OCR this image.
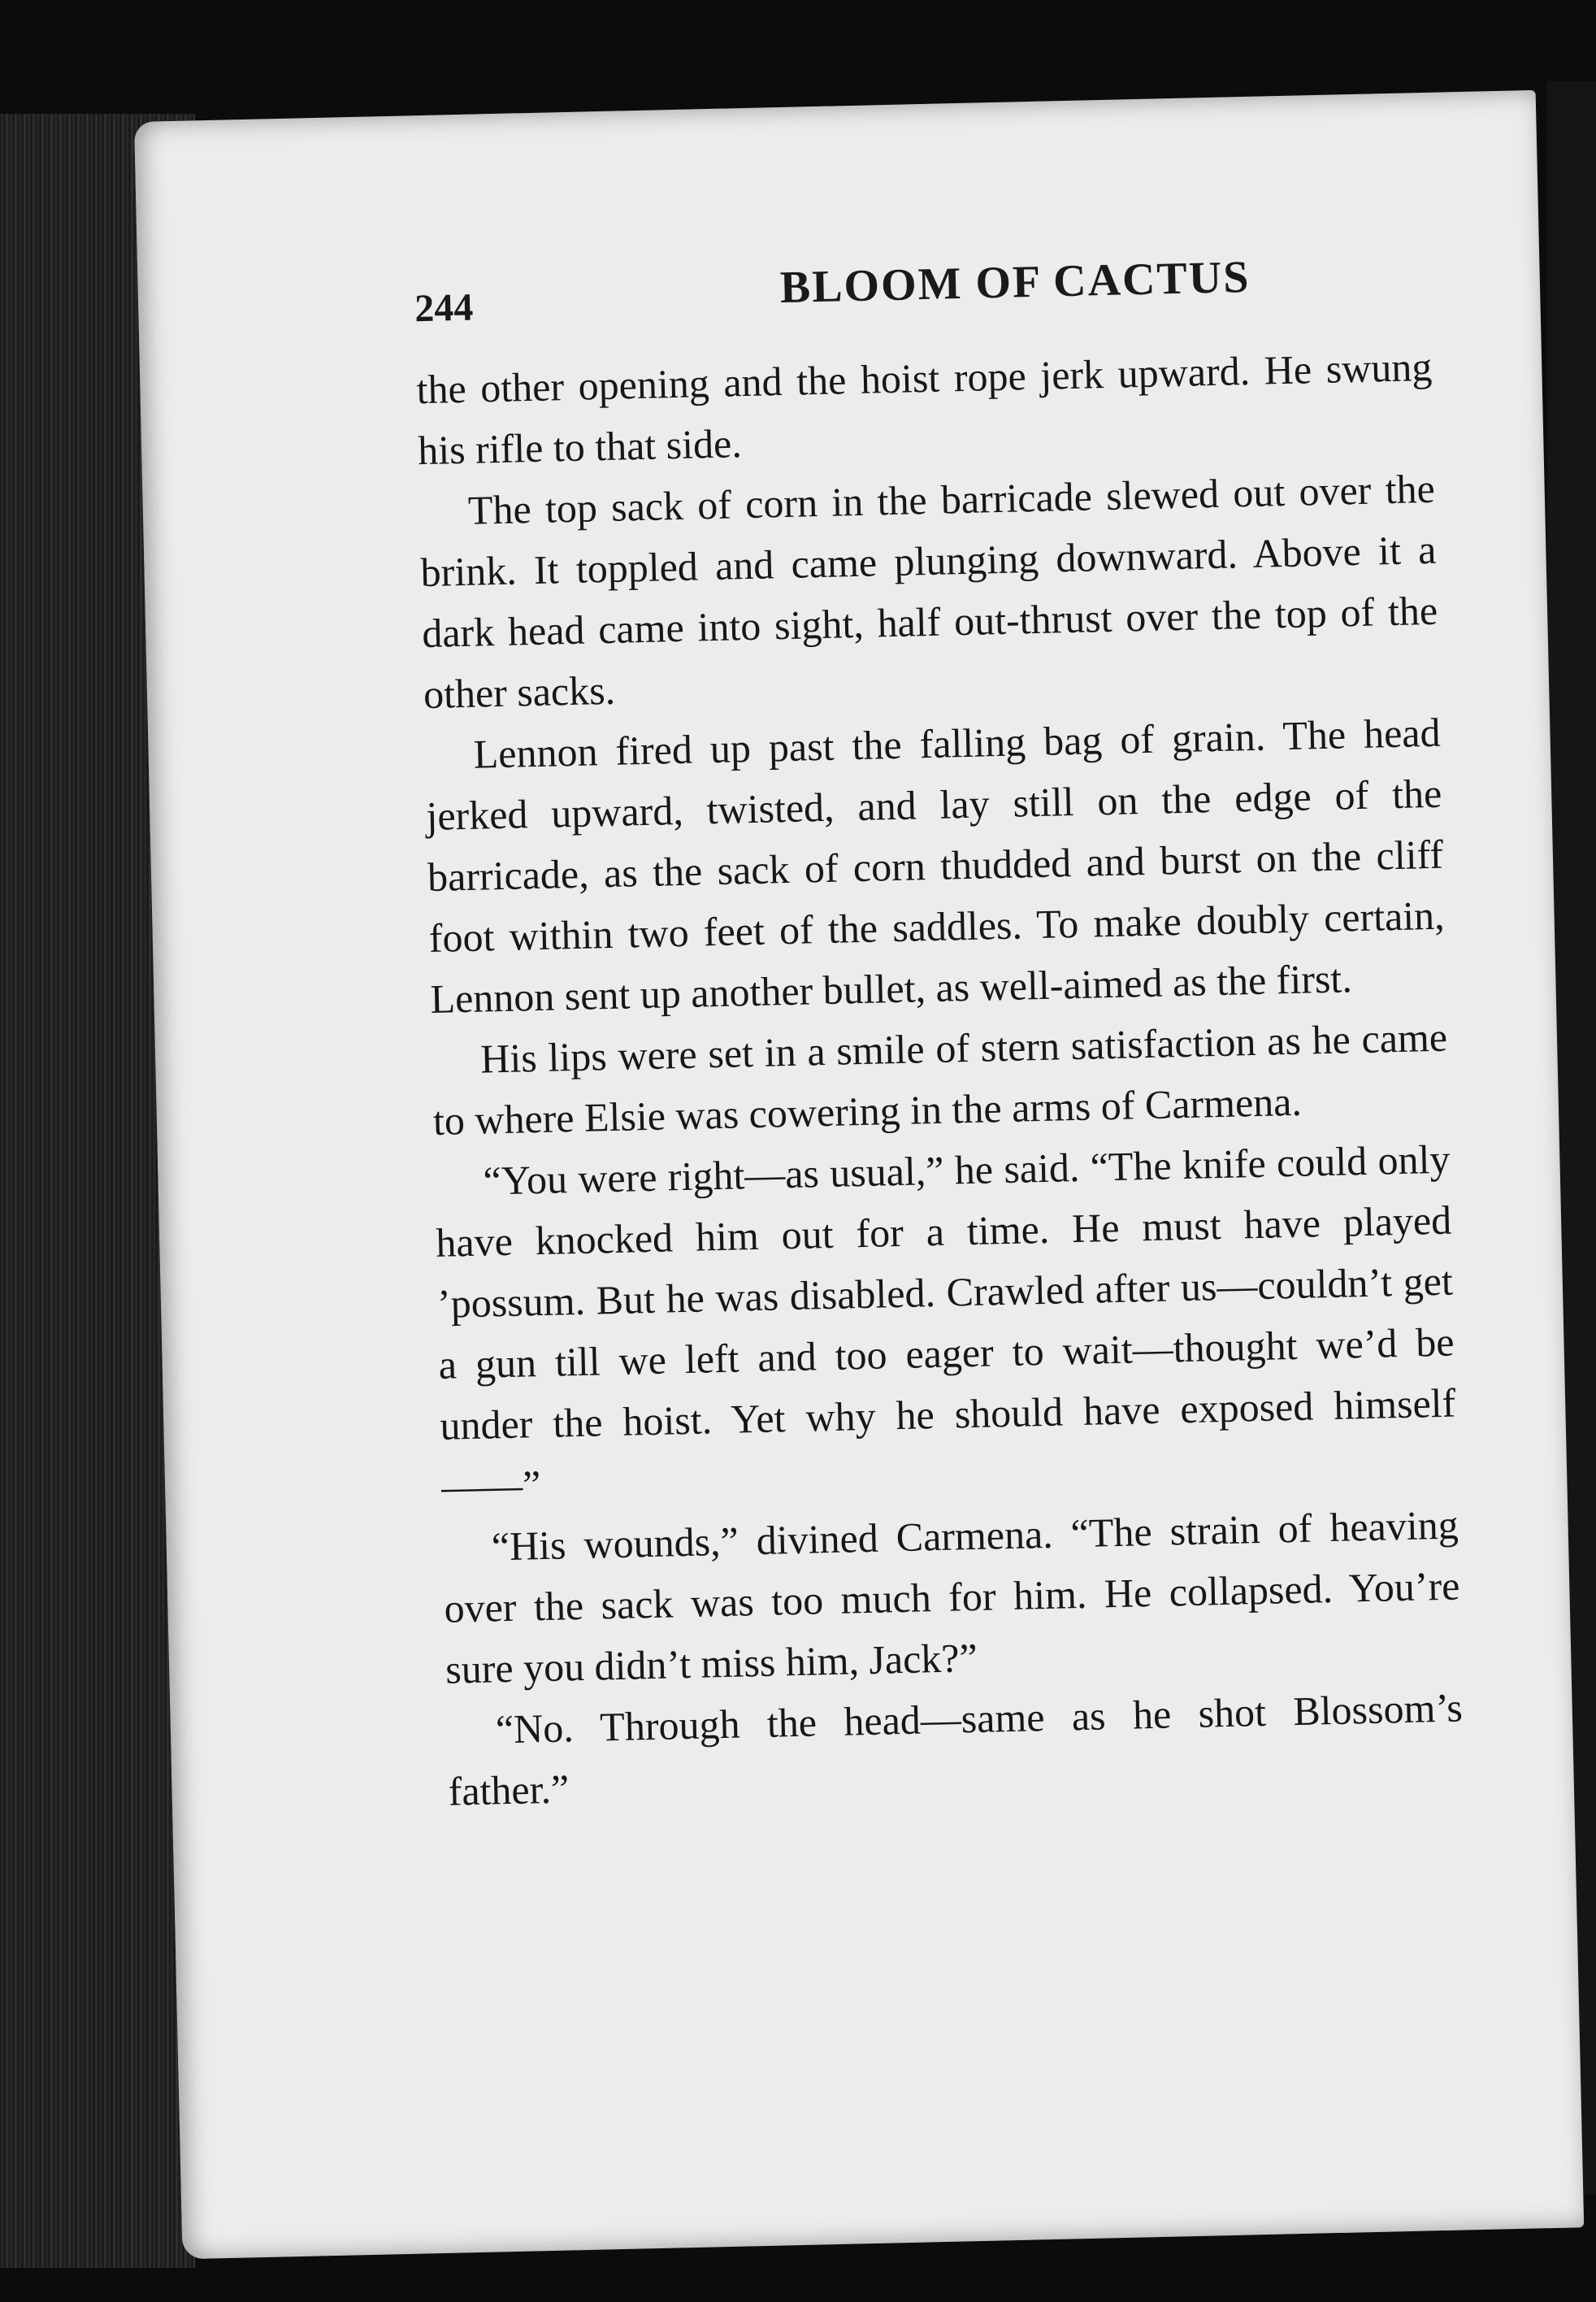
244	BLOOM OF CACTUS

the other opening and the hoist rope jerk upward. He swung his rifle to that side.

The top sack of corn in the barricade slewed out over the brink. It toppled and came plunging downward. Above it a dark head came into sight, half out-thrust over the top of the other sacks.

Lennon fired up past the falling bag of grain. The head jerked upward, twisted, and lay still on the edge of the barricade, as the sack of corn thudded and burst on the cliff foot within two feet of the saddles. To make doubly certain, Lennon sent up another bullet, as well-aimed as the first.

His lips were set in a smile of stern satisfaction as he came to where Elsie was cowering in the arms of Carmena.

“You were right—as usual,” he said. “The knife could only have knocked him out for a time. He must have played ’possum. But he was disabled. Crawled after us—couldn’t get a gun till we left and too eager to wait—thought we’d be under the hoist. Yet why he should have exposed himself——”

“His wounds,” divined Carmena. “The strain of heaving over the sack was too much for him. He collapsed. You’re sure you didn’t miss him, Jack?”

“No. Through the head—same as he shot Blossom’s father.”
